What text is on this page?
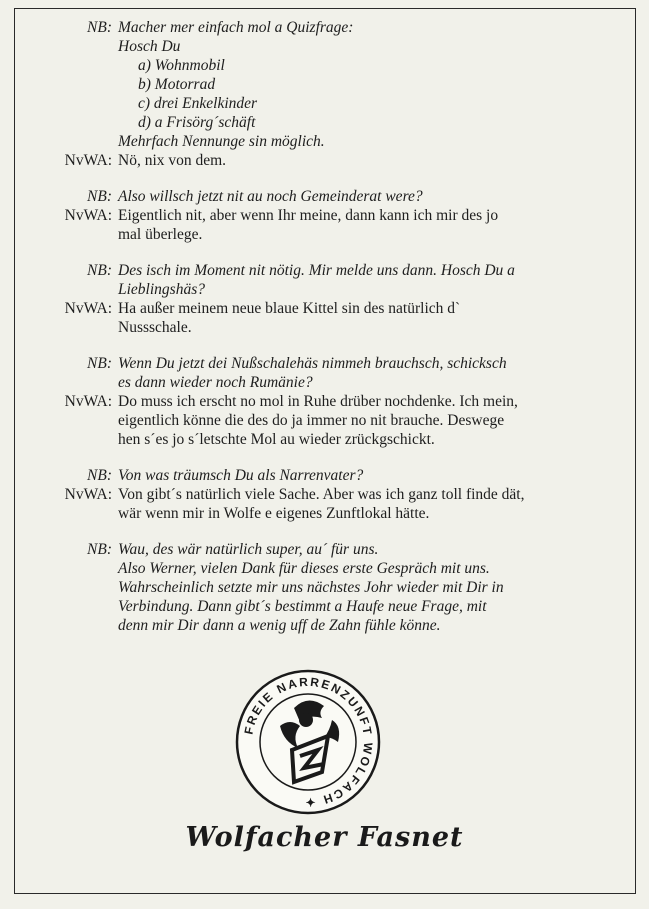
NB: Macher mer einfach mol a Quizfrage:
Hosch Du
a) Wohnmobil
b) Motorrad
c) drei Enkelkinder
d) a Frisörg´schäft
Mehrfach Nennunge sin möglich.
NvWA: Nö, nix von dem.
NB: Also willsch jetzt nit au noch Gemeinderat were?
NvWA: Eigentlich nit, aber wenn Ihr meine, dann kann ich mir des jo
mal überlege.
NB: Des isch im Moment nit nötig. Mir melde uns dann. Hosch Du a
Lieblingshäs?
NvWA: Ha außer meinem neue blaue Kittel sin des natürlich d`
Nussschale.
NB: Wenn Du jetzt dei Nußschalehäs nimmeh brauchsch, schicksch
es dann wieder noch Rumänie?
NvWA: Do muss ich erscht no mol in Ruhe drüber nochdenke. Ich mein,
eigentlich könne die des do ja immer no nit brauche. Deswege
hen s´es jo s´letschte Mol au wieder zrückgschickt.
NB: Von was träumsch Du als Narrenvater?
NvWA: Von gibt´s natürlich viele Sache. Aber was ich ganz toll finde dät,
wär wenn mir in Wolfe e eigenes Zunftlokal hätte.
NB: Wau, des wär natürlich super, au´ für uns.
Also Werner, vielen Dank für dieses erste Gespräch mit uns.
Wahrscheinlich setzte mir uns nächstes Johr wieder mit Dir in
Verbindung. Dann gibt´s bestimmt a Haufe neue Frage, mit
denn mir Dir dann a wenig uff de Zahn fühle könne.
FREIE NARRENZUNFT WOLFACH ✦
Wolfacher Fasnet
